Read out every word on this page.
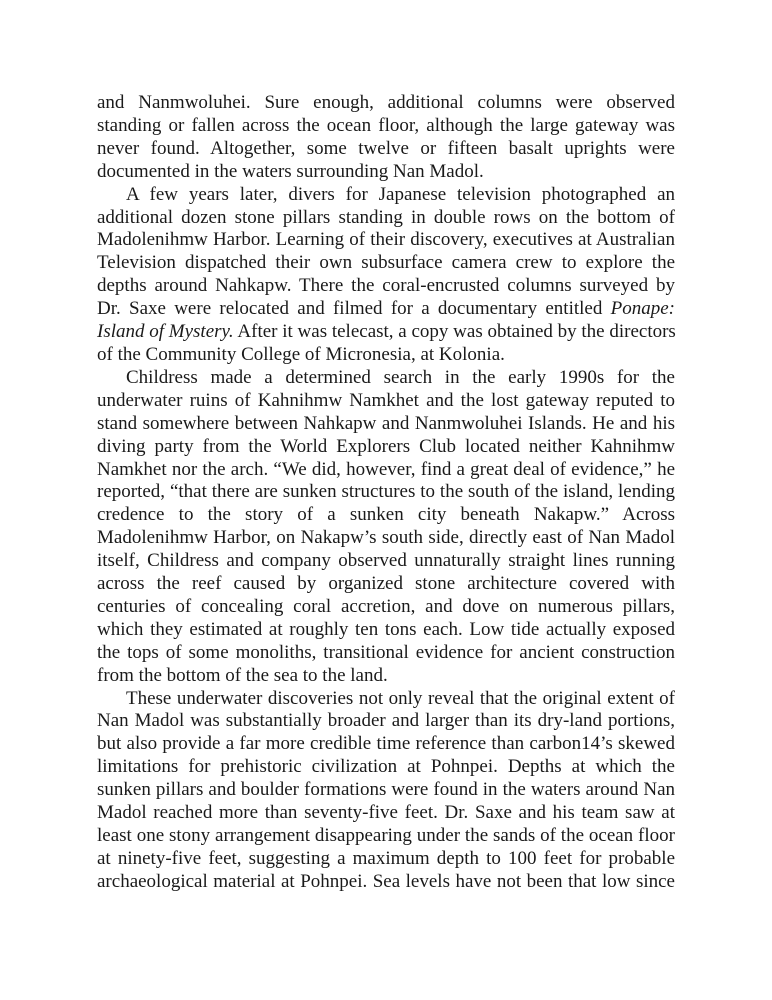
and Nanmwoluhei. Sure enough, additional columns were observed
standing or fallen across the ocean floor, although the large gateway was
never found. Altogether, some twelve or fifteen basalt uprights were
documented in the waters surrounding Nan Madol.
A few years later, divers for Japanese television photographed an
additional dozen stone pillars standing in double rows on the bottom of
Madolenihmw Harbor. Learning of their discovery, executives at Australian
Television dispatched their own subsurface camera crew to explore the
depths around Nahkapw. There the coral-encrusted columns surveyed by
Dr. Saxe were relocated and filmed for a documentary entitled Ponape:
Island of Mystery. After it was telecast, a copy was obtained by the directors
of the Community College of Micronesia, at Kolonia.
Childress made a determined search in the early 1990s for the
underwater ruins of Kahnihmw Namkhet and the lost gateway reputed to
stand somewhere between Nahkapw and Nanmwoluhei Islands. He and his
diving party from the World Explorers Club located neither Kahnihmw
Namkhet nor the arch. “We did, however, find a great deal of evidence,” he
reported, “that there are sunken structures to the south of the island, lending
credence to the story of a sunken city beneath Nakapw.” Across
Madolenihmw Harbor, on Nakapw’s south side, directly east of Nan Madol
itself, Childress and company observed unnaturally straight lines running
across the reef caused by organized stone architecture covered with
centuries of concealing coral accretion, and dove on numerous pillars,
which they estimated at roughly ten tons each. Low tide actually exposed
the tops of some monoliths, transitional evidence for ancient construction
from the bottom of the sea to the land.
These underwater discoveries not only reveal that the original extent of
Nan Madol was substantially broader and larger than its dry-land portions,
but also provide a far more credible time reference than carbon14’s skewed
limitations for prehistoric civilization at Pohnpei. Depths at which the
sunken pillars and boulder formations were found in the waters around Nan
Madol reached more than seventy-five feet. Dr. Saxe and his team saw at
least one stony arrangement disappearing under the sands of the ocean floor
at ninety-five feet, suggesting a maximum depth to 100 feet for probable
archaeological material at Pohnpei. Sea levels have not been that low since
